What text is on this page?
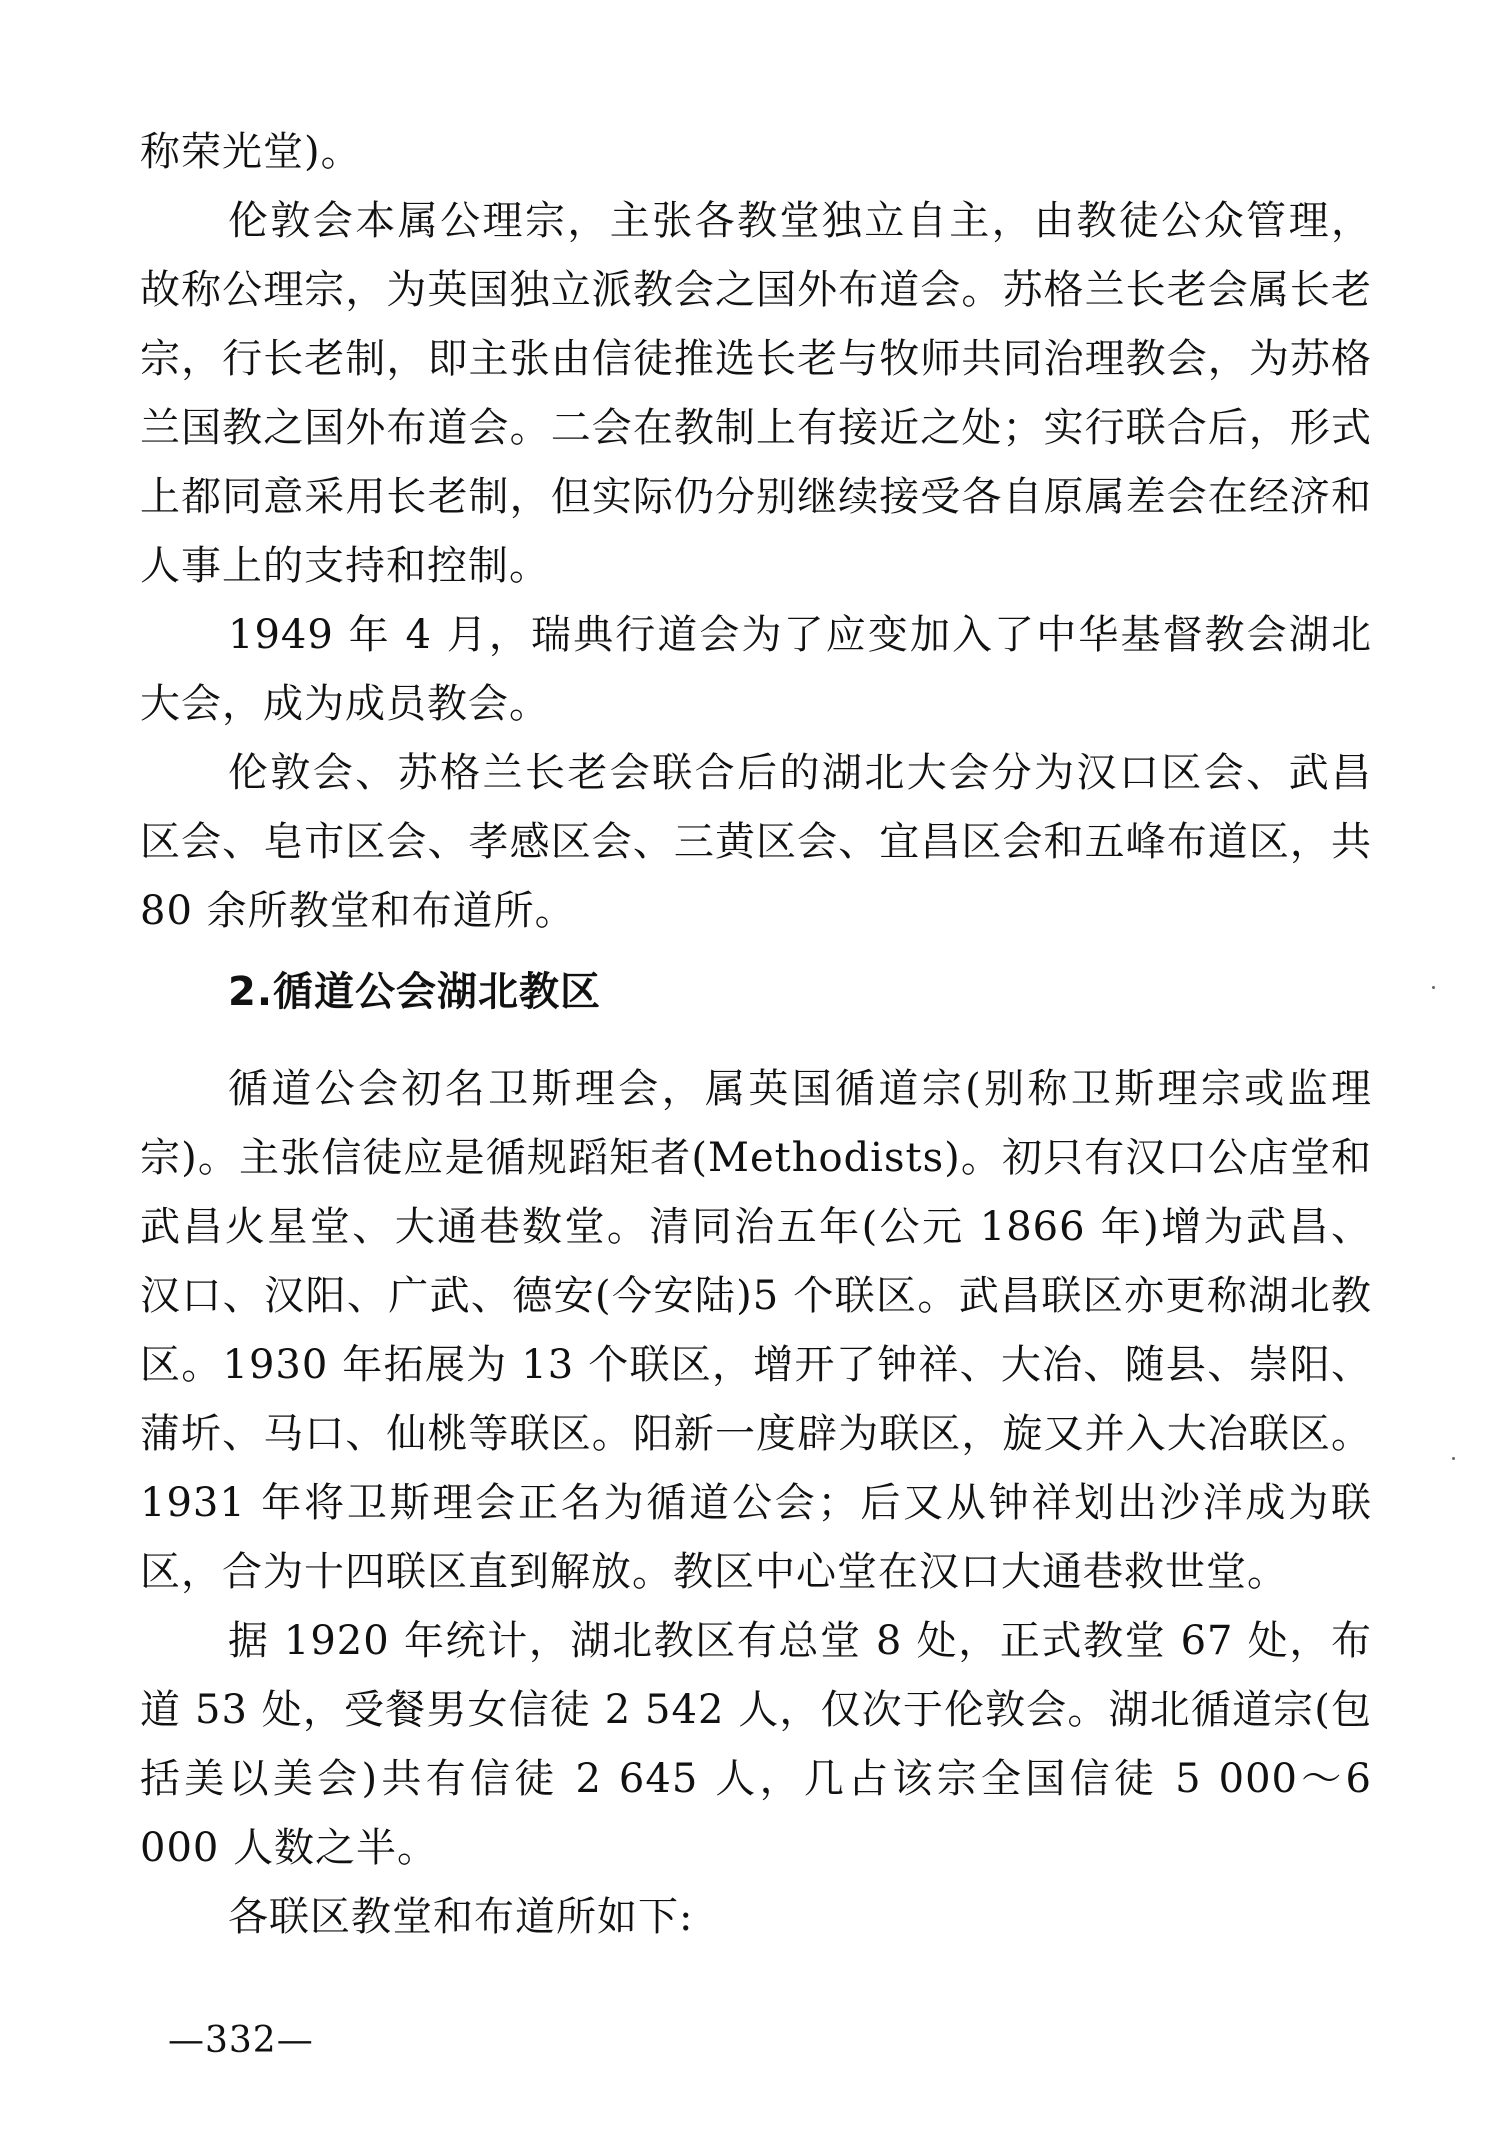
称荣光堂)。

伦敦会本属公理宗，主张各教堂独立自主，由教徒公众管理，故称公理宗，为英国独立派教会之国外布道会。苏格兰长老会属长老宗，行长老制，即主张由信徒推选长老与牧师共同治理教会，为苏格兰国教之国外布道会。二会在教制上有接近之处；实行联合后，形式上都同意采用长老制，但实际仍分别继续接受各自原属差会在经济和人事上的支持和控制。

1949 年 4 月，瑞典行道会为了应变加入了中华基督教会湖北大会，成为成员教会。

伦敦会、苏格兰长老会联合后的湖北大会分为汉口区会、武昌区会、皂市区会、孝感区会、三黄区会、宜昌区会和五峰布道区，共 80 余所教堂和布道所。

2.循道公会湖北教区

循道公会初名卫斯理会，属英国循道宗(别称卫斯理宗或监理宗)。主张信徒应是循规蹈矩者(Methodists)。初只有汉口公店堂和武昌火星堂、大通巷数堂。清同治五年(公元 1866 年)增为武昌、汉口、汉阳、广武、德安(今安陆)5 个联区。武昌联区亦更称湖北教区。1930 年拓展为 13 个联区，增开了钟祥、大冶、随县、崇阳、蒲圻、马口、仙桃等联区。阳新一度辟为联区，旋又并入大冶联区。1931 年将卫斯理会正名为循道公会；后又从钟祥划出沙洋成为联区，合为十四联区直到解放。教区中心堂在汉口大通巷救世堂。

据 1920 年统计，湖北教区有总堂 8 处，正式教堂 67 处，布道 53 处，受餐男女信徒 2 542 人，仅次于伦敦会。湖北循道宗(包括美以美会)共有信徒 2 645 人，几占该宗全国信徒 5 000～6 000 人数之半。

各联区教堂和布道所如下:

—332—
